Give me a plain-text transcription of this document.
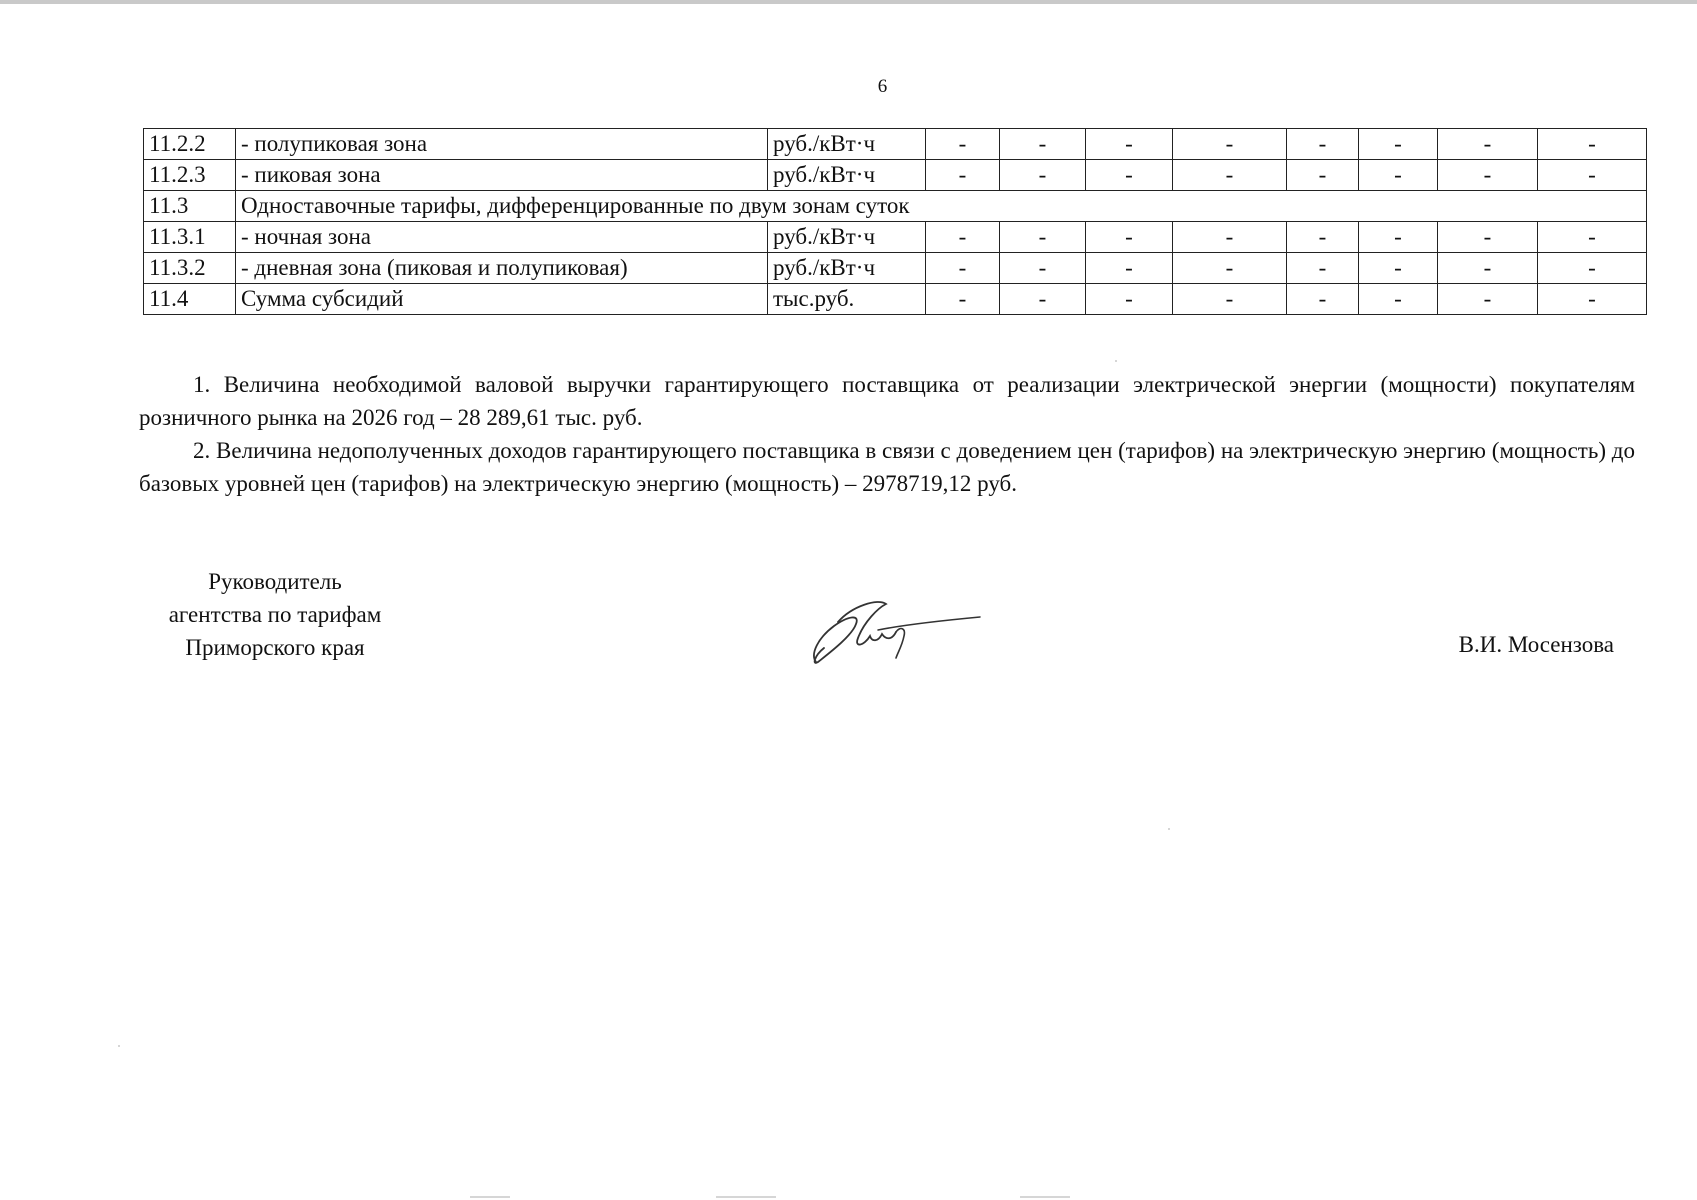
6
11.2.2	- полупиковая зона	руб./кВт·ч	-	-	-	-	-	-	-	-
11.2.3	- пиковая зона	руб./кВт·ч	-	-	-	-	-	-	-	-
11.3	Одноставочные тарифы, дифференцированные по двум зонам суток									
11.3.1	- ночная зона	руб./кВт·ч	-	-	-	-	-	-	-	-
11.3.2	- дневная зона (пиковая и полупиковая)	руб./кВт·ч	-	-	-	-	-	-	-	-
11.4	Сумма субсидий	тыс.руб.	-	-	-	-	-	-	-	-

1. Величина необходимой валовой выручки гарантирующего поставщика от реализации электрической энергии (мощности) покупателям розничного рынка на 2026 год – 28 289,61 тыс. руб.

2. Величина недополученных доходов гарантирующего поставщика в связи с доведением цен (тарифов) на электрическую энергию (мощность) до базовых уровней цен (тарифов) на электрическую энергию (мощность) – 2978719,12 руб.

Руководитель
агентства по тарифам
Приморского края	В.И. Мосензова
